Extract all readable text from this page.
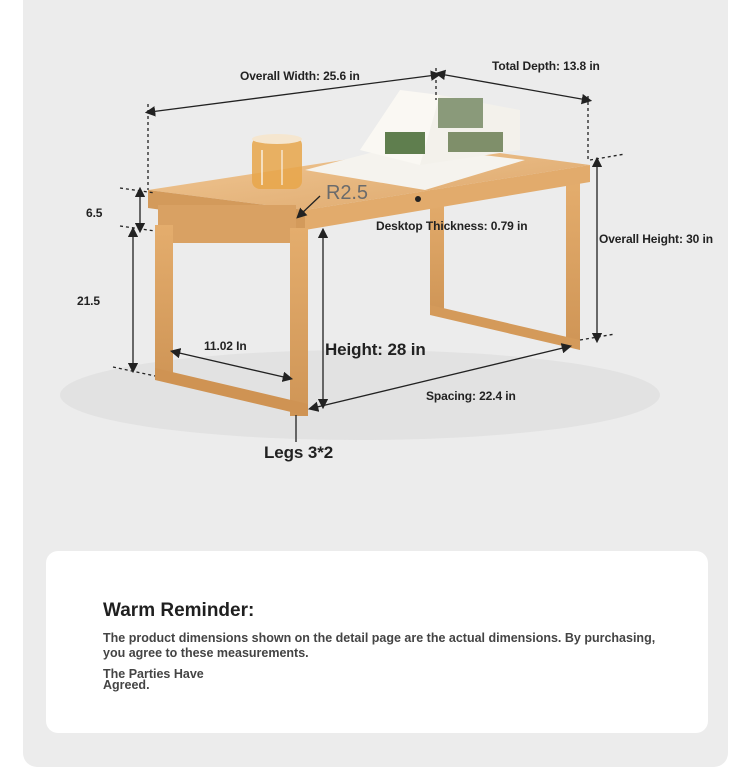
Overall Width: 25.6 in
Total Depth: 13.8 in
R2.5
6.5
Desktop Thickness: 0.79 in
Overall Height: 30 in
21.5
11.02 In	Height: 28 in
Spacing: 22.4 in
Legs 3*2
Warm Reminder:
The product dimensions shown on the detail page are the actual dimensions. By purchasing, you agree to these measurements.
The Parties Have Agreed.
